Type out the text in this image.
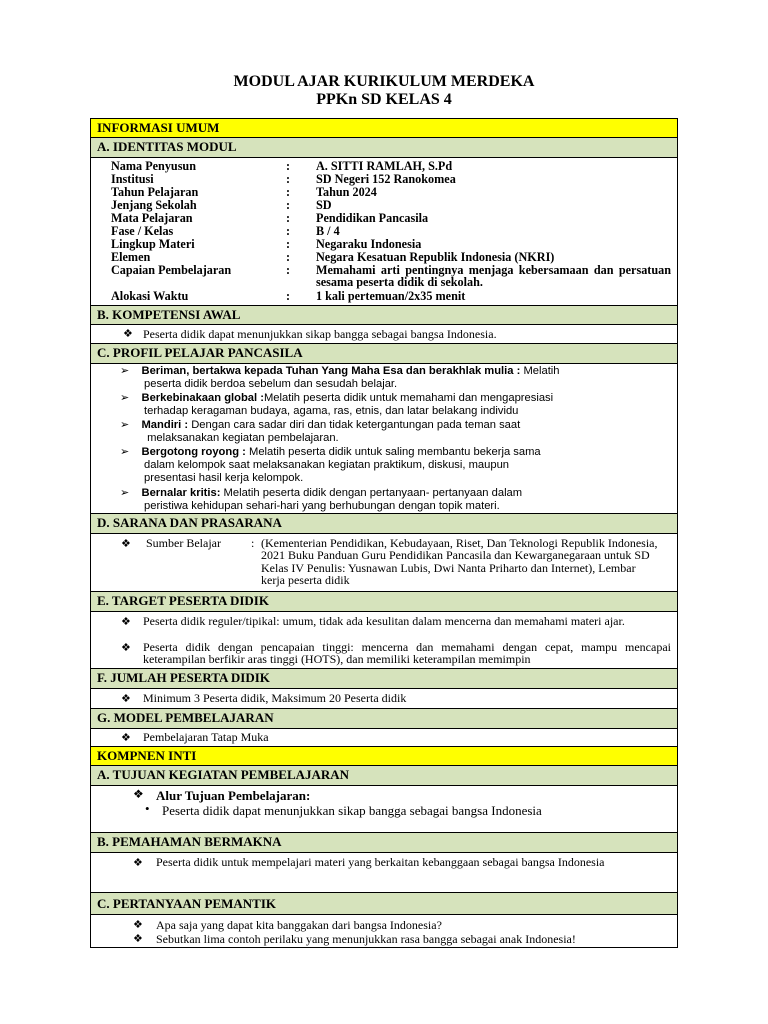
MODUL AJAR KURIKULUM MERDEKA
PPKn SD KELAS 4
INFORMASI UMUM
A. IDENTITAS MODUL
Nama Penyusun	: A. SITTI RAMLAH, S.Pd
Institusi	: SD Negeri 152 Ranokomea
Tahun Pelajaran	: Tahun 2024
Jenjang Sekolah	: SD
Mata Pelajaran	: Pendidikan Pancasila
Fase / Kelas	: B / 4
Lingkup Materi	: Negaraku Indonesia
Elemen	: Negara Kesatuan Republik Indonesia (NKRI)
Capaian Pembelajaran	: Memahami arti pentingnya menjaga kebersamaan dan persatuan sesama peserta didik di sekolah.
Alokasi Waktu	: 1 kali pertemuan/2x35 menit
B. KOMPETENSI AWAL
❖ Peserta didik dapat menunjukkan sikap bangga sebagai bangsa Indonesia.
C. PROFIL PELAJAR PANCASILA
➢ Beriman, bertakwa kepada Tuhan Yang Maha Esa dan berakhlak mulia : Melatih
peserta didik berdoa sebelum dan sesudah belajar.
➢ Berkebinakaan global :Melatih peserta didik untuk memahami dan mengapresiasi
terhadap keragaman budaya, agama, ras, etnis, dan latar belakang individu
➢ Mandiri : Dengan cara sadar diri dan tidak ketergantungan pada teman saat
melaksanakan kegiatan pembelajaran.
➢ Bergotong royong : Melatih peserta didik untuk saling membantu bekerja sama
dalam kelompok saat melaksanakan kegiatan praktikum, diskusi, maupun
presentasi hasil kerja kelompok.
➢ Bernalar kritis: Melatih peserta didik dengan pertanyaan- pertanyaan dalam
peristiwa kehidupan sehari-hari yang berhubungan dengan topik materi.
D. SARANA DAN PRASARANA
❖ Sumber Belajar	: (Kementerian Pendidikan, Kebudayaan, Riset, Dan Teknologi Republik Indonesia, 2021 Buku Panduan Guru Pendidikan Pancasila dan Kewarganegaraan untuk SD Kelas IV Penulis: Yusnawan Lubis, Dwi Nanta Priharto dan Internet), Lembar kerja peserta didik
E. TARGET PESERTA DIDIK
❖ Peserta didik reguler/tipikal: umum, tidak ada kesulitan dalam mencerna dan memahami materi ajar.
❖ Peserta didik dengan pencapaian tinggi: mencerna dan memahami dengan cepat, mampu mencapai keterampilan berfikir aras tinggi (HOTS), dan memiliki keterampilan memimpin
F. JUMLAH PESERTA DIDIK
❖ Minimum 3 Peserta didik, Maksimum 20 Peserta didik
G. MODEL PEMBELAJARAN
❖ Pembelajaran Tatap Muka
KOMPNEN INTI
A. TUJUAN KEGIATAN PEMBELAJARAN
❖ Alur Tujuan Pembelajaran:
• Peserta didik dapat menunjukkan sikap bangga sebagai bangsa Indonesia
B. PEMAHAMAN BERMAKNA
❖ Peserta didik untuk mempelajari materi yang berkaitan kebanggaan sebagai bangsa Indonesia
C. PERTANYAAN PEMANTIK
❖ Apa saja yang dapat kita banggakan dari bangsa Indonesia?
❖ Sebutkan lima contoh perilaku yang menunjukkan rasa bangga sebagai anak Indonesia!
